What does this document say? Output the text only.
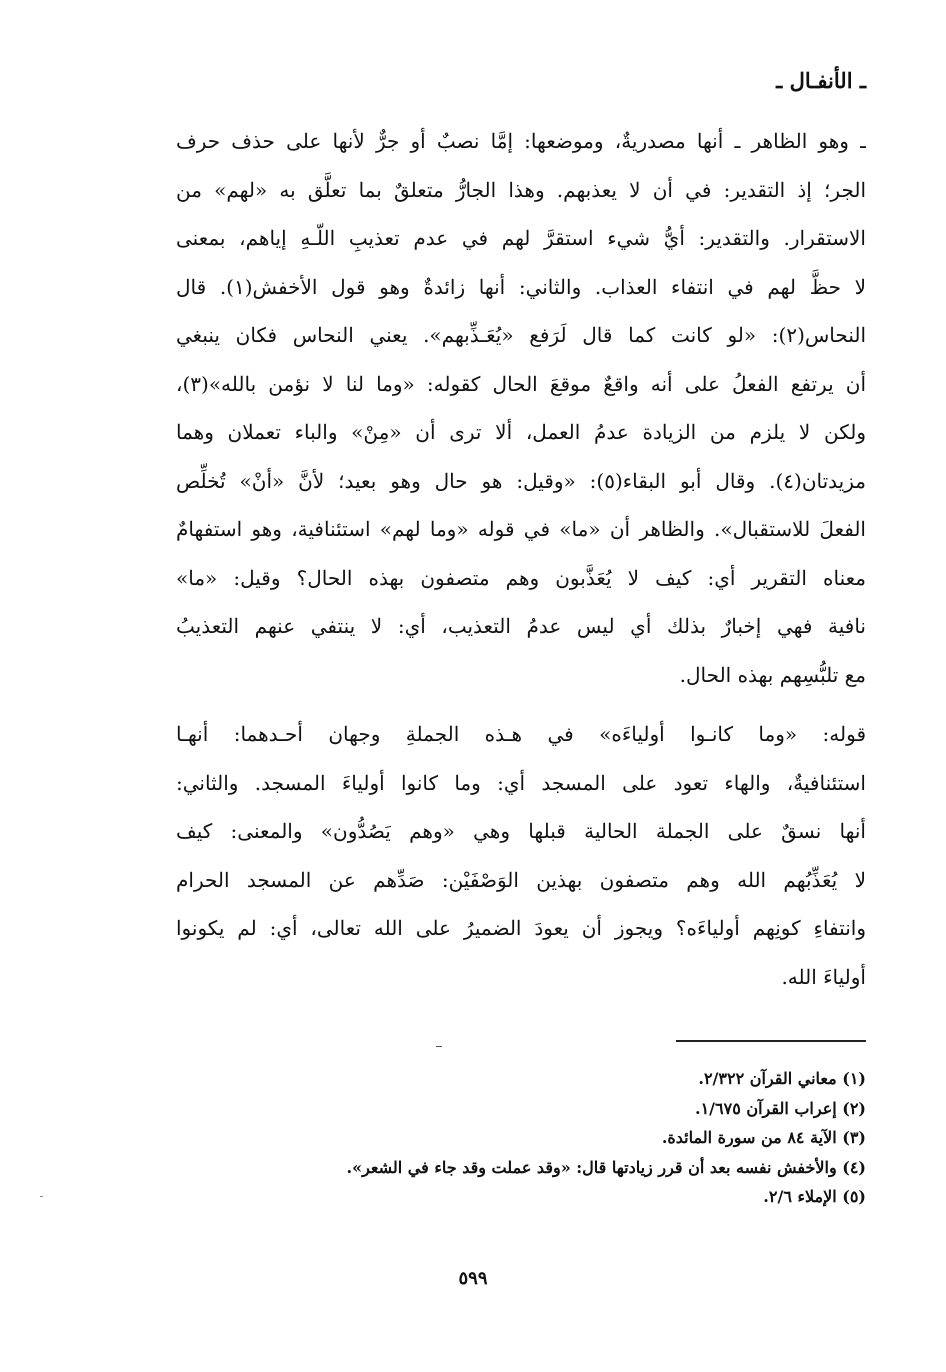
ـ الأنفـال ـ
ـ وهو الظاهر ـ أنها مصدريةٌ، وموضعها: إمَّا نصبٌ أو جرٌّ لأنها على حذف حرف
الجر؛ إذ التقدير: في أن لا يعذبهم. وهذا الجارُّ متعلقٌ بما تعلَّق به «لهم» من
الاستقرار. والتقدير: أيُّ شيء استقرَّ لهم في عدم تعذيبِ اللّـهِ إياهم، بمعنى
لا حظَّ لهم في انتفاء العذاب. والثاني: أنها زائدةٌ وهو قول الأخفش(١). قال
النحاس(٢): «لو كانت كما قال لَرَفع «يُعَـذِّبهم». يعني النحاس فكان ينبغي
أن يرتفع الفعلُ على أنه واقعٌ موقعَ الحال كقوله: «وما لنا لا نؤمن بالله»(٣)،
ولكن لا يلزم من الزيادة عدمُ العمل، ألا ترى أن «مِنْ» والباء تعملان وهما
مزيدتان(٤). وقال أبو البقاء(٥): «وقيل: هو حال وهو بعيد؛ لأنَّ «أنْ» تُخلِّص
الفعلَ للاستقبال». والظاهر أن «ما» في قوله «وما لهم» استئنافية، وهو استفهامٌ
معناه التقرير أي: كيف لا يُعَذَّبون وهم متصفون بهذه الحال؟ وقيل: «ما»
نافية فهي إخبارٌ بذلك أي ليس عدمُ التعذيب، أي: لا ينتفي عنهم التعذيبُ
مع تلبُّسِهم بهذه الحال.
قوله: «وما كانـوا أولياءَه» في هـذه الجملةِ وجهان أحـدهما: أنهـا
استئنافيةٌ، والهاء تعود على المسجد أي: وما كانوا أولياءَ المسجد. والثاني:
أنها نسقٌ على الجملة الحالية قبلها وهي «وهم يَصُدُّون» والمعنى: كيف
لا يُعَذِّبُهم الله وهم متصفون بهذين الوَصْفَيْن: صَدِّهم عن المسجد الحرام
وانتفاءِ كونِهم أولياءَه؟ ويجوز أن يعودَ الضميرُ على الله تعالى، أي: لم يكونوا
أولياءَ الله.
(١) معاني القرآن ٢/٣٢٢.
(٢) إعراب القرآن ١/٦٧٥.
(٣) الآية ٨٤ من سورة المائدة.
(٤) والأخفش نفسه بعد أن قرر زيادتها قال: «وقد عملت وقد جاء في الشعر».
(٥) الإملاء ٢/٦.
٥٩٩
